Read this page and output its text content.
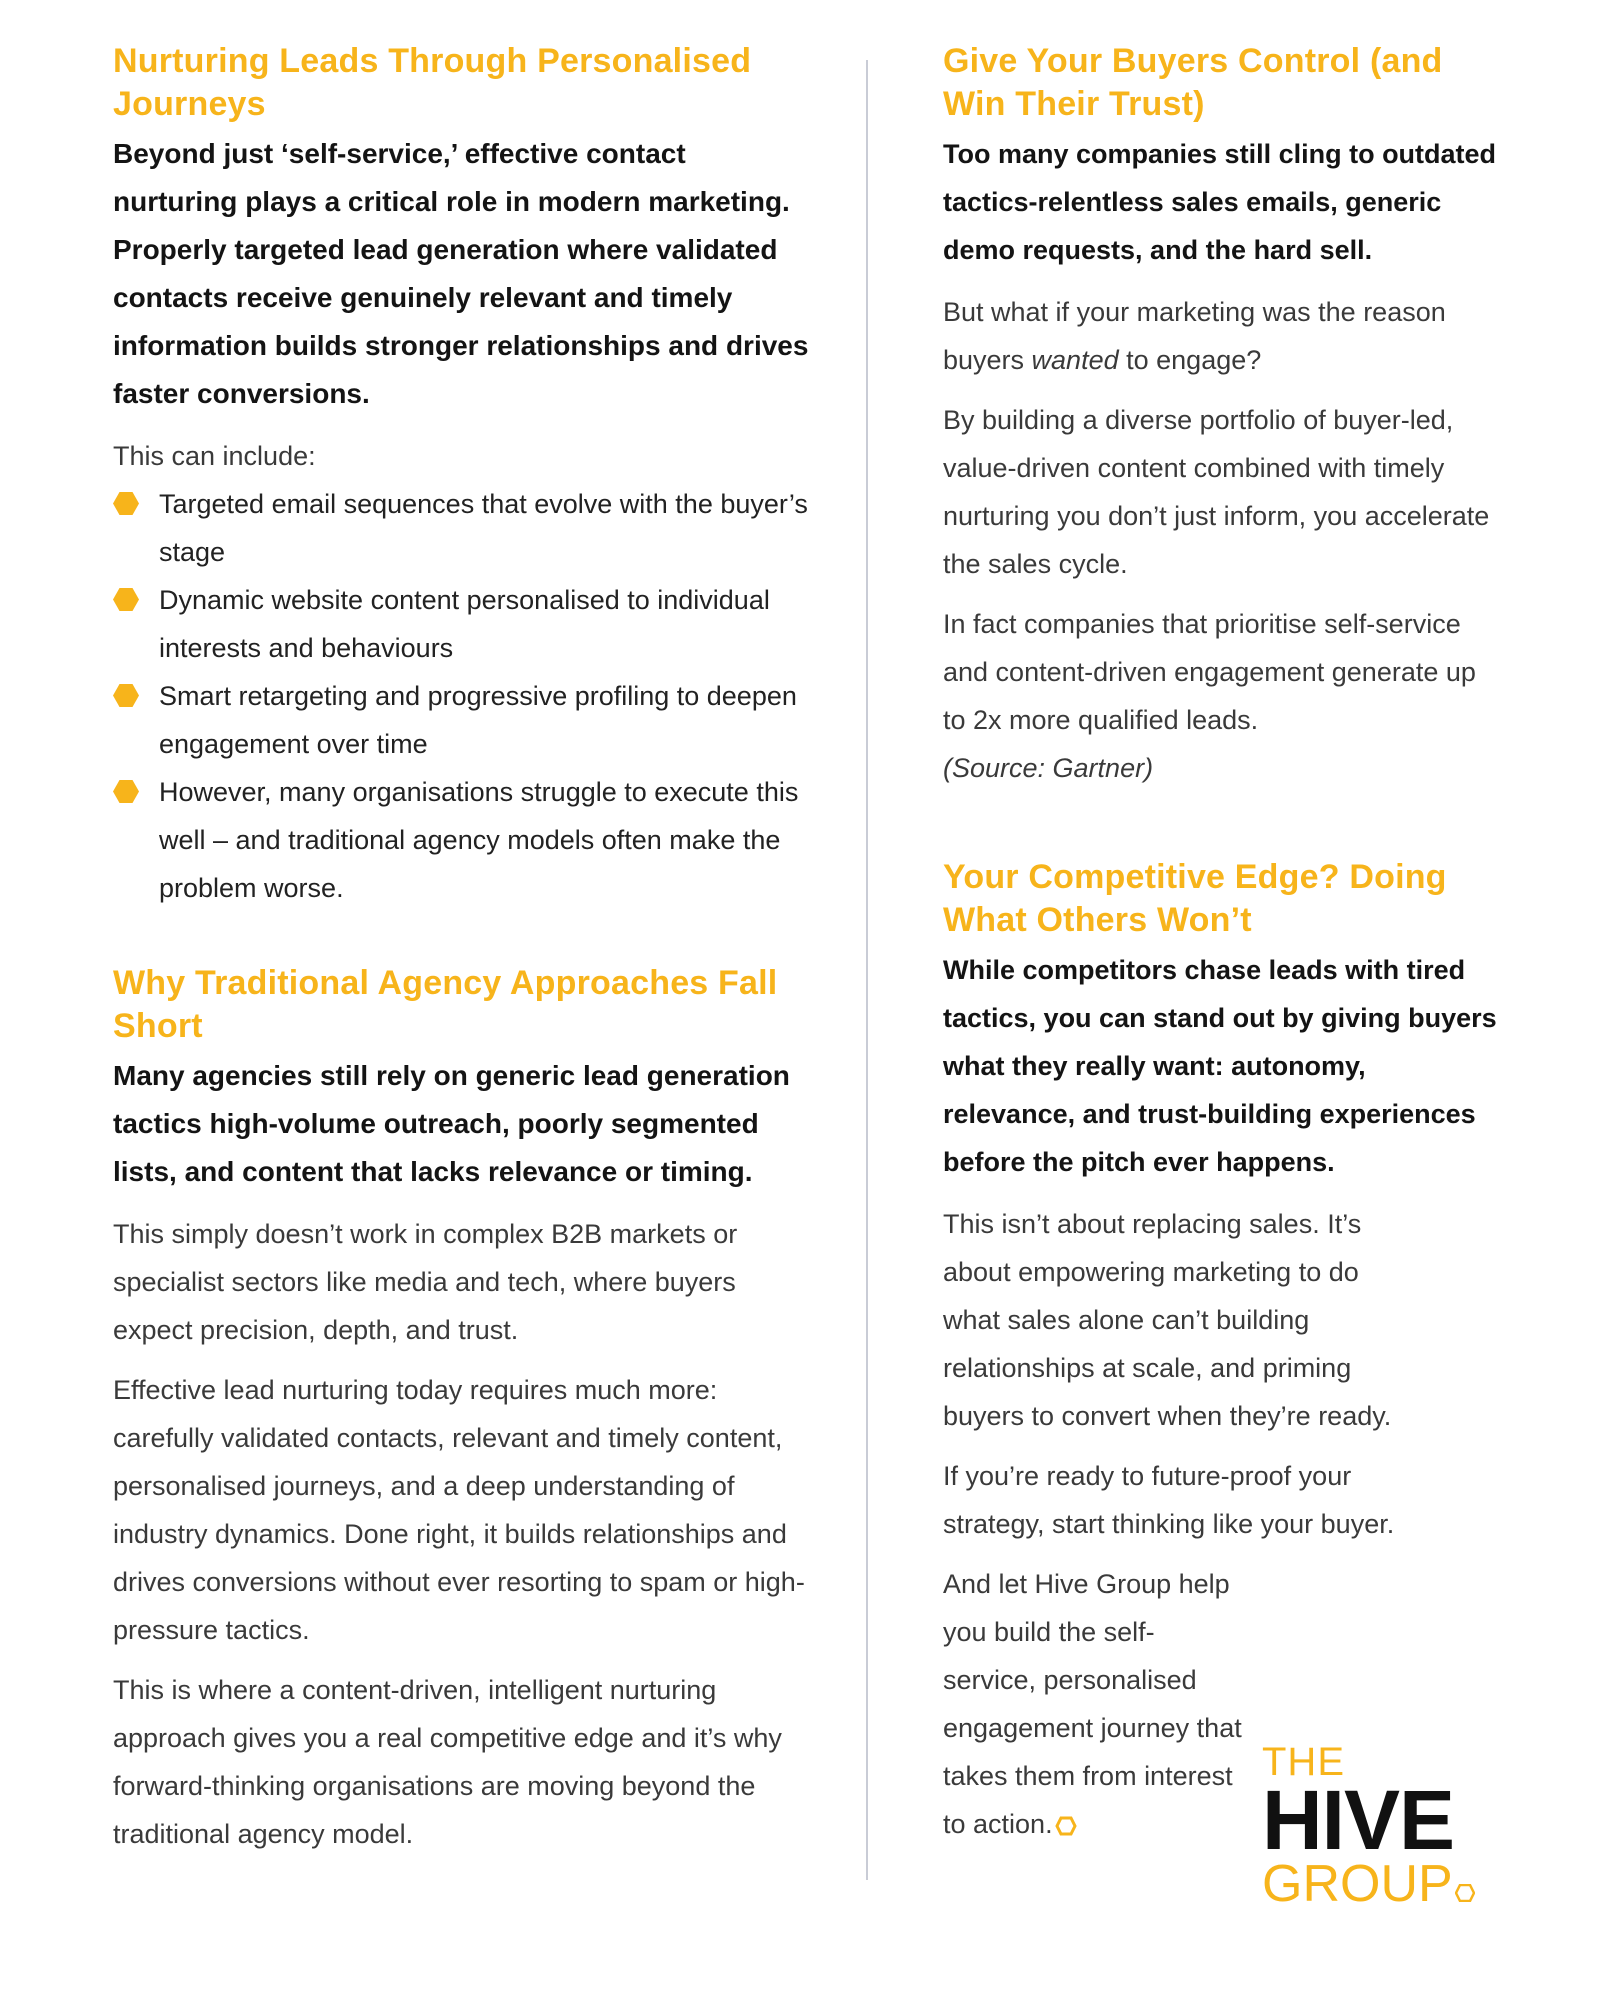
Nurturing Leads Through Personalised Journeys

Beyond just ‘self-service,’ effective contact nurturing plays a critical role in modern marketing. Properly targeted lead generation where validated contacts receive genuinely relevant and timely information builds stronger relationships and drives faster conversions.

This can include:

Targeted email sequences that evolve with the buyer’s stage
Dynamic website content personalised to individual interests and behaviours
Smart retargeting and progressive profiling to deepen engagement over time
However, many organisations struggle to execute this well – and traditional agency models often make the problem worse.
Why Traditional Agency Approaches Fall Short

Many agencies still rely on generic lead generation tactics high-volume outreach, poorly segmented lists, and content that lacks relevance or timing.

This simply doesn’t work in complex B2B markets or specialist sectors like media and tech, where buyers expect precision, depth, and trust.

Effective lead nurturing today requires much more: carefully validated contacts, relevant and timely content, personalised journeys, and a deep understanding of industry dynamics. Done right, it builds relationships and drives conversions without ever resorting to spam or high-pressure tactics.

This is where a content-driven, intelligent nurturing approach gives you a real competitive edge and it’s why forward-thinking organisations are moving beyond the traditional agency model.

Give Your Buyers Control (and Win Their Trust)

Too many companies still cling to outdated tactics-relentless sales emails, generic demo requests, and the hard sell.

But what if your marketing was the reason buyers wanted to engage?

By building a diverse portfolio of buyer-led, value-driven content combined with timely nurturing you don’t just inform, you accelerate the sales cycle.

In fact companies that prioritise self-service and content-driven engagement generate up to 2x more qualified leads.

(Source: Gartner)

Your Competitive Edge? Doing What Others Won’t

While competitors chase leads with tired tactics, you can stand out by giving buyers what they really want: autonomy, relevance, and trust-building experiences before the pitch ever happens.

This isn’t about replacing sales. It’s about empowering marketing to do what sales alone can’t building relationships at scale, and priming buyers to convert when they’re ready.

If you’re ready to future-proof your strategy, start thinking like your buyer.

And let Hive Group help you build the self-service, personalised engagement journey that takes them from interest to action.

THE
HIVE
GROUP
